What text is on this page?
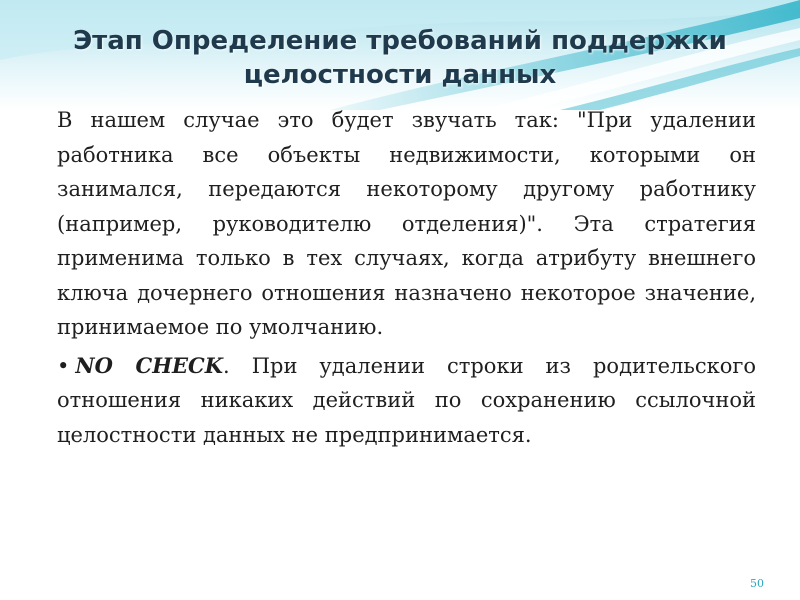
Этап Определение требований поддержки
целостности данных

В нашем случае это будет звучать так: "При удалении работника все объекты недвижимости, которыми он занимался, передаются некоторому другому работнику (например, руководителю отделения)". Эта стратегия применима только в тех случаях, когда атрибуту внешнего ключа дочернего отношения назначено некоторое значение, принимаемое по умолчанию.

• NO CHECK. При удалении строки из родительского отношения никаких действий по сохранению ссылочной целостности данных не предпринимается.

50
